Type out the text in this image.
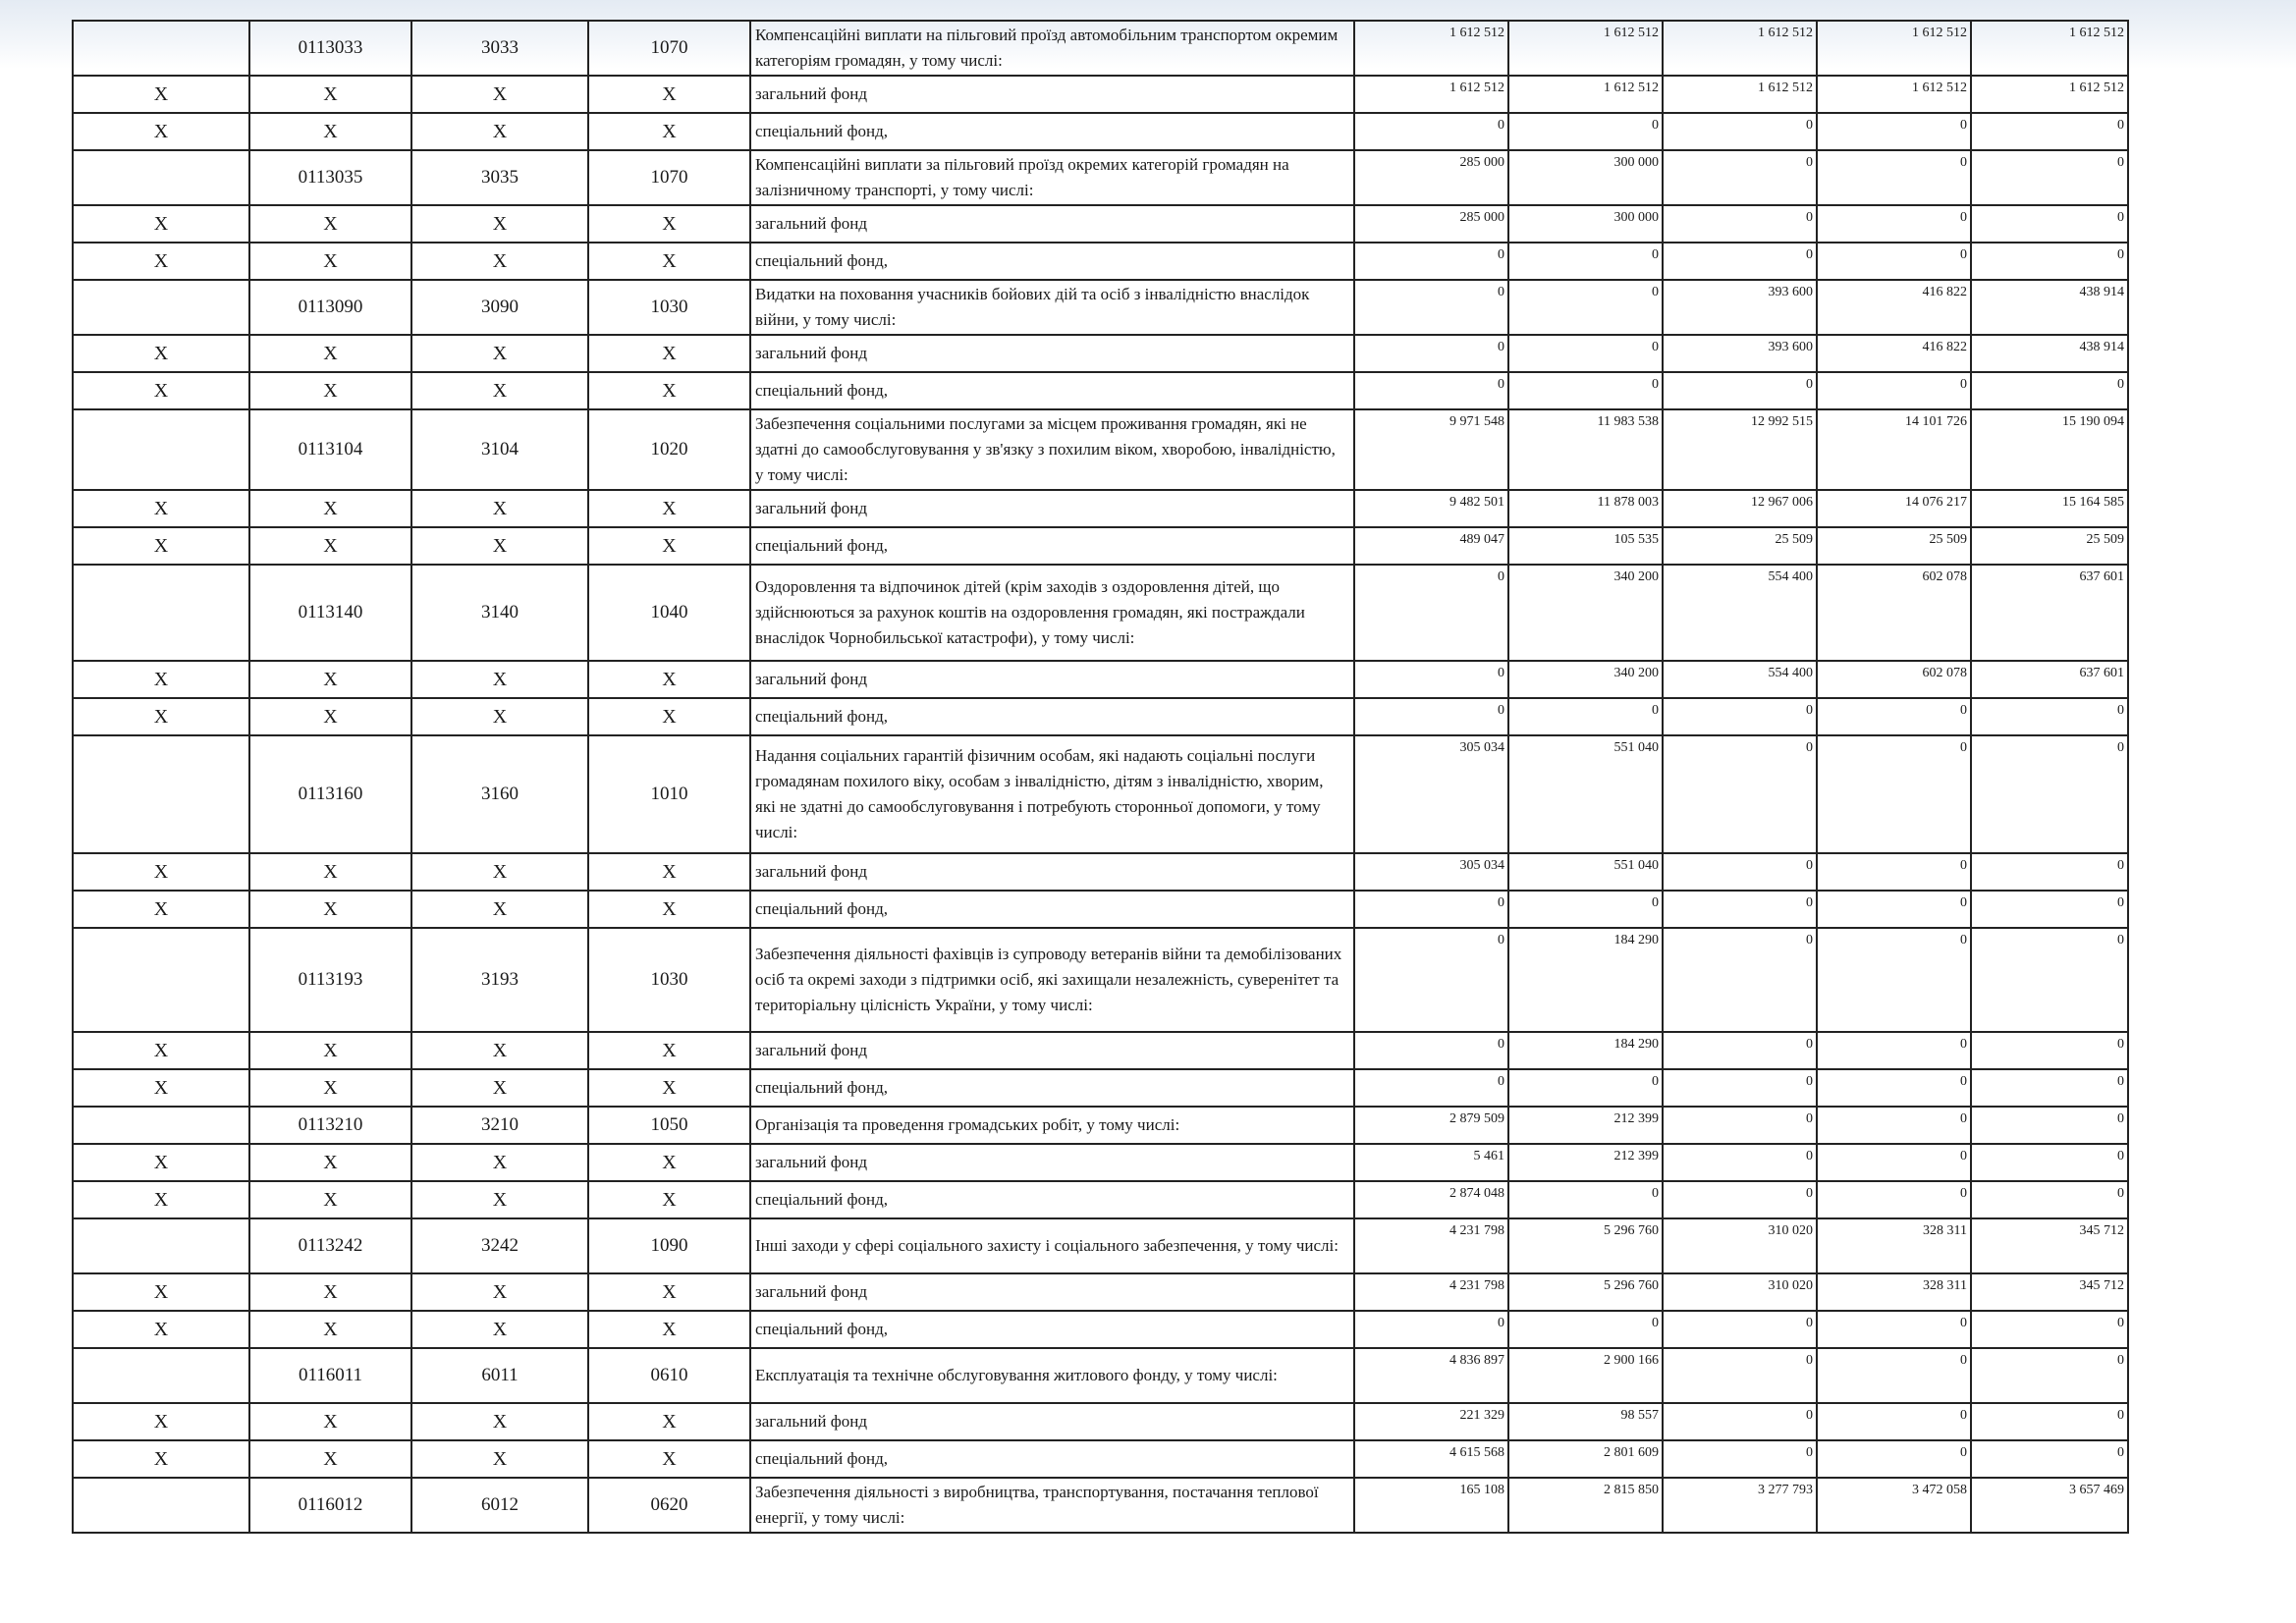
	0113033	3033	1070	Компенсаційні виплати на пільговий проїзд автомобільним транспортом окремим категоріям громадян, у тому числі:	1 612 512	1 612 512	1 612 512	1 612 512	1 612 512
X	X	X	X	загальний фонд	1 612 512	1 612 512	1 612 512	1 612 512	1 612 512
X	X	X	X	спеціальний фонд,	0	0	0	0	0
	0113035	3035	1070	Компенсаційні виплати за пільговий проїзд окремих категорій громадян на залізничному транспорті, у тому числі:	285 000	300 000	0	0	0
X	X	X	X	загальний фонд	285 000	300 000	0	0	0
X	X	X	X	спеціальний фонд,	0	0	0	0	0
	0113090	3090	1030	Видатки на поховання учасників бойових дій та осіб з інвалідністю внаслідок війни, у тому числі:	0	0	393 600	416 822	438 914
X	X	X	X	загальний фонд	0	0	393 600	416 822	438 914
X	X	X	X	спеціальний фонд,	0	0	0	0	0
	0113104	3104	1020	Забезпечення соціальними послугами за місцем проживання громадян, які не здатні до самообслуговування у зв'язку з похилим віком, хворобою, інвалідністю, у тому числі:	9 971 548	11 983 538	12 992 515	14 101 726	15 190 094
X	X	X	X	загальний фонд	9 482 501	11 878 003	12 967 006	14 076 217	15 164 585
X	X	X	X	спеціальний фонд,	489 047	105 535	25 509	25 509	25 509
	0113140	3140	1040	Оздоровлення та відпочинок дітей (крім заходів з оздоровлення дітей, що здійснюються за рахунок коштів на оздоровлення громадян, які постраждали внаслідок Чорнобильської катастрофи), у тому числі:	0	340 200	554 400	602 078	637 601
X	X	X	X	загальний фонд	0	340 200	554 400	602 078	637 601
X	X	X	X	спеціальний фонд,	0	0	0	0	0
	0113160	3160	1010	Надання соціальних гарантій фізичним особам, які надають соціальні послуги громадянам похилого віку, особам з інвалідністю, дітям з інвалідністю, хворим, які не здатні до самообслуговування і потребують сторонньої допомоги, у тому числі:	305 034	551 040	0	0	0
X	X	X	X	загальний фонд	305 034	551 040	0	0	0
X	X	X	X	спеціальний фонд,	0	0	0	0	0
	0113193	3193	1030	Забезпечення діяльності фахівців із супроводу ветеранів війни та демобілізованих осіб та окремі заходи з підтримки осіб, які захищали незалежність, суверенітет та територіальну цілісність України, у тому числі:	0	184 290	0	0	0
X	X	X	X	загальний фонд	0	184 290	0	0	0
X	X	X	X	спеціальний фонд,	0	0	0	0	0
	0113210	3210	1050	Організація та проведення громадських робіт, у тому числі:	2 879 509	212 399	0	0	0
X	X	X	X	загальний фонд	5 461	212 399	0	0	0
X	X	X	X	спеціальний фонд,	2 874 048	0	0	0	0
	0113242	3242	1090	Інші заходи у сфері соціального захисту і соціального забезпечення, у тому числі:	4 231 798	5 296 760	310 020	328 311	345 712
X	X	X	X	загальний фонд	4 231 798	5 296 760	310 020	328 311	345 712
X	X	X	X	спеціальний фонд,	0	0	0	0	0
	0116011	6011	0610	Експлуатація та технічне обслуговування житлового фонду, у тому числі:	4 836 897	2 900 166	0	0	0
X	X	X	X	загальний фонд	221 329	98 557	0	0	0
X	X	X	X	спеціальний фонд,	4 615 568	2 801 609	0	0	0
	0116012	6012	0620	Забезпечення діяльності з виробництва, транспортування, постачання теплової енергії, у тому числі:	165 108	2 815 850	3 277 793	3 472 058	3 657 469
